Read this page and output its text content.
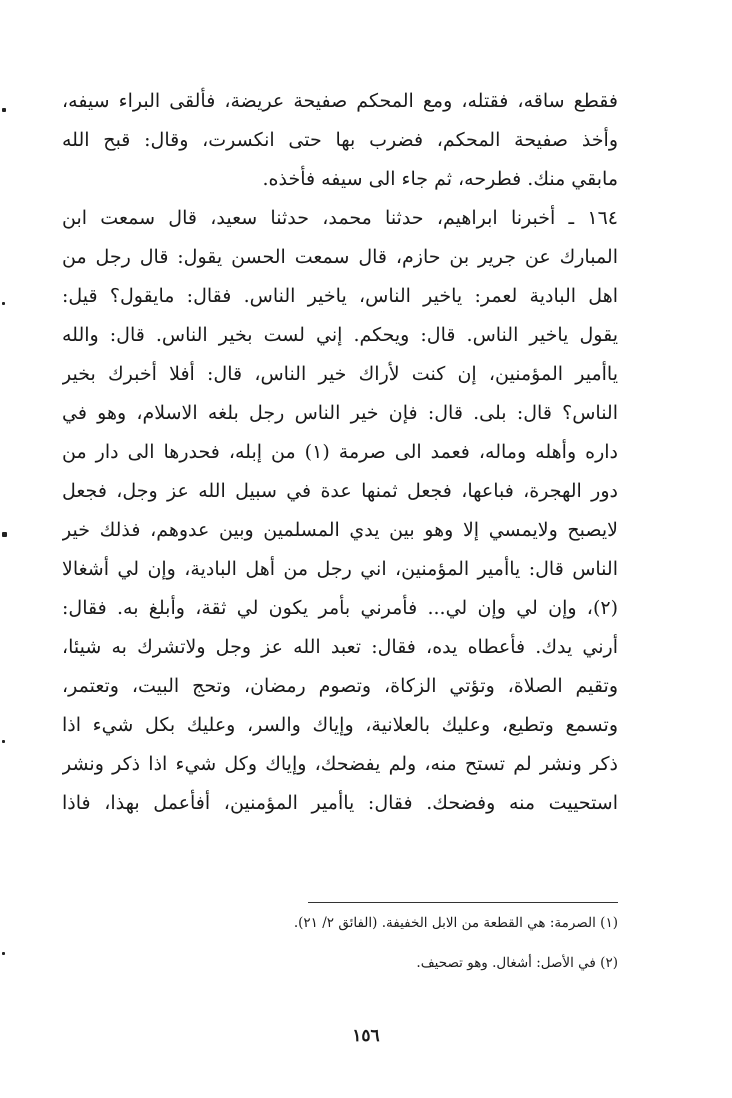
فقطع ساقه، فقتله، ومع المحكم صفيحة عريضة، فألقى البراء سيفه،
وأخذ صفيحة المحكم، فضرب بها حتى انكسرت، وقال: قبح الله
مابقي منك. فطرحه، ثم جاء الى سيفه فأخذه.
١٦٤ ـ أخبرنا ابراهيم، حدثنا محمد، حدثنا سعيد، قال سمعت ابن
المبارك عن جرير بن حازم، قال سمعت الحسن يقول: قال رجل من
اهل البادية لعمر: ياخير الناس، ياخير الناس. فقال: مايقول؟ قيل:
يقول ياخير الناس. قال: ويحكم. إني لست بخير الناس. قال: والله
ياأمير المؤمنين، إن كنت لأراك خير الناس، قال: أفلا أخبرك بخير
الناس؟ قال: بلى. قال: فإن خير الناس رجل بلغه الاسلام، وهو في
داره وأهله وماله، فعمد الى صرمة (١) من إبله، فحدرها الى دار من
دور الهجرة، فباعها، فجعل ثمنها عدة في سبيل الله عز وجل، فجعل
لايصبح ولايمسي إلا وهو بين يدي المسلمين وبين عدوهم، فذلك خير
الناس قال: ياأمير المؤمنين، اني رجل من أهل البادية، وإن لي أشغالا
(٢)، وإن لي وإن لي... فأمرني بأمر يكون لي ثقة، وأبلغ به. فقال:
أرني يدك. فأعطاه يده، فقال: تعبد الله عز وجل ولاتشرك به شيئا،
وتقيم الصلاة، وتؤتي الزكاة، وتصوم رمضان، وتحج البيت، وتعتمر،
وتسمع وتطيع، وعليك بالعلانية، وإياك والسر، وعليك بكل شيء اذا
ذكر ونشر لم تستح منه، ولم يفضحك، وإياك وكل شيء اذا ذكر ونشر
استحييت منه وفضحك. فقال: ياأمير المؤمنين، أفأعمل بهذا، فاذا
(١) الصرمة: هي القطعة من الابل الخفيفة. (الفائق ٢/ ٢١).
(٢) في الأصل: أشغال. وهو تصحيف.
١٥٦
